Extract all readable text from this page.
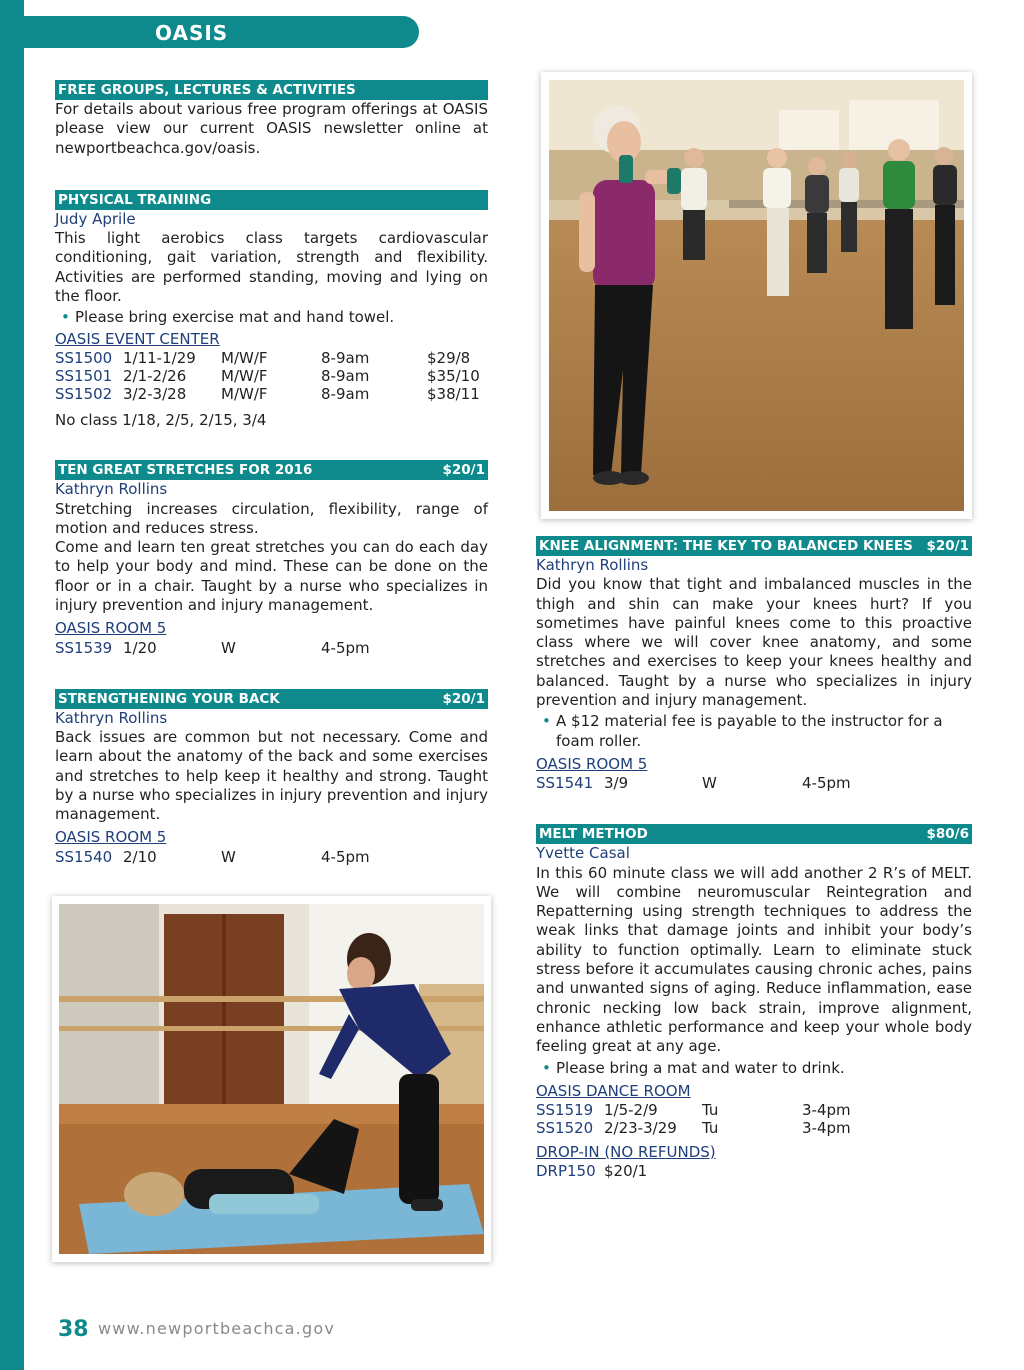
OASIS
FREE GROUPS, LECTURES & ACTIVITIES
For details about various free program offerings at OASIS please view our current OASIS newsletter online at newportbeachca.gov/oasis.
PHYSICAL TRAINING
Judy Aprile
This light aerobics class targets cardiovascular conditioning, gait variation, strength and flexibility. Activities are performed standing, moving and lying on the floor.
• Please bring exercise mat and hand towel.
OASIS EVENT CENTER
SS1500 1/11-1/29	M/W/F	8-9am	$29/8
SS1501 2/1-2/26	M/W/F	8-9am	$35/10
SS1502 3/2-3/28	M/W/F	8-9am	$38/11
No class 1/18, 2/5, 2/15, 3/4
TEN GREAT STRETCHES FOR 2016	$20/1
Kathryn Rollins
Stretching increases circulation, flexibility, range of motion and reduces stress.
Come and learn ten great stretches you can do each day to help your body and mind. These can be done on the floor or in a chair. Taught by a nurse who specializes in injury prevention and injury management.
OASIS ROOM 5
SS1539 1/20	W	4-5pm
STRENGTHENING YOUR BACK	$20/1
Kathryn Rollins
Back issues are common but not necessary. Come and learn about the anatomy of the back and some exercises and stretches to help keep it healthy and strong. Taught by a nurse who specializes in injury prevention and injury management.
OASIS ROOM 5
SS1540 2/10	W	4-5pm
KNEE ALIGNMENT: THE KEY TO BALANCED KNEES $20/1
Kathryn Rollins
Did you know that tight and imbalanced muscles in the thigh and shin can make your knees hurt? If you sometimes have painful knees come to this proactive class where we will cover knee anatomy, and some stretches and exercises to keep your knees healthy and balanced. Taught by a nurse who specializes in injury prevention and injury management.
• A $12 material fee is payable to the instructor for a foam roller.
OASIS ROOM 5
SS1541 3/9	W	4-5pm
MELT METHOD	$80/6
Yvette Casal
In this 60 minute class we will add another 2 R’s of MELT. We will combine neuromuscular Reintegration and Repatterning using strength techniques to address the weak links that damage joints and inhibit your body’s ability to function optimally. Learn to eliminate stuck stress before it accumulates causing chronic aches, pains and unwanted signs of aging. Reduce inflammation, ease chronic necking low back strain, improve alignment, enhance athletic performance and keep your whole body feeling great at any age.
• Please bring a mat and water to drink.
OASIS DANCE ROOM
SS1519 1/5-2/9	Tu	3-4pm
SS1520 2/23-3/29	Tu	3-4pm
DROP-IN (NO REFUNDS)
DRP150 $20/1
38 www.newportbeachca.gov
